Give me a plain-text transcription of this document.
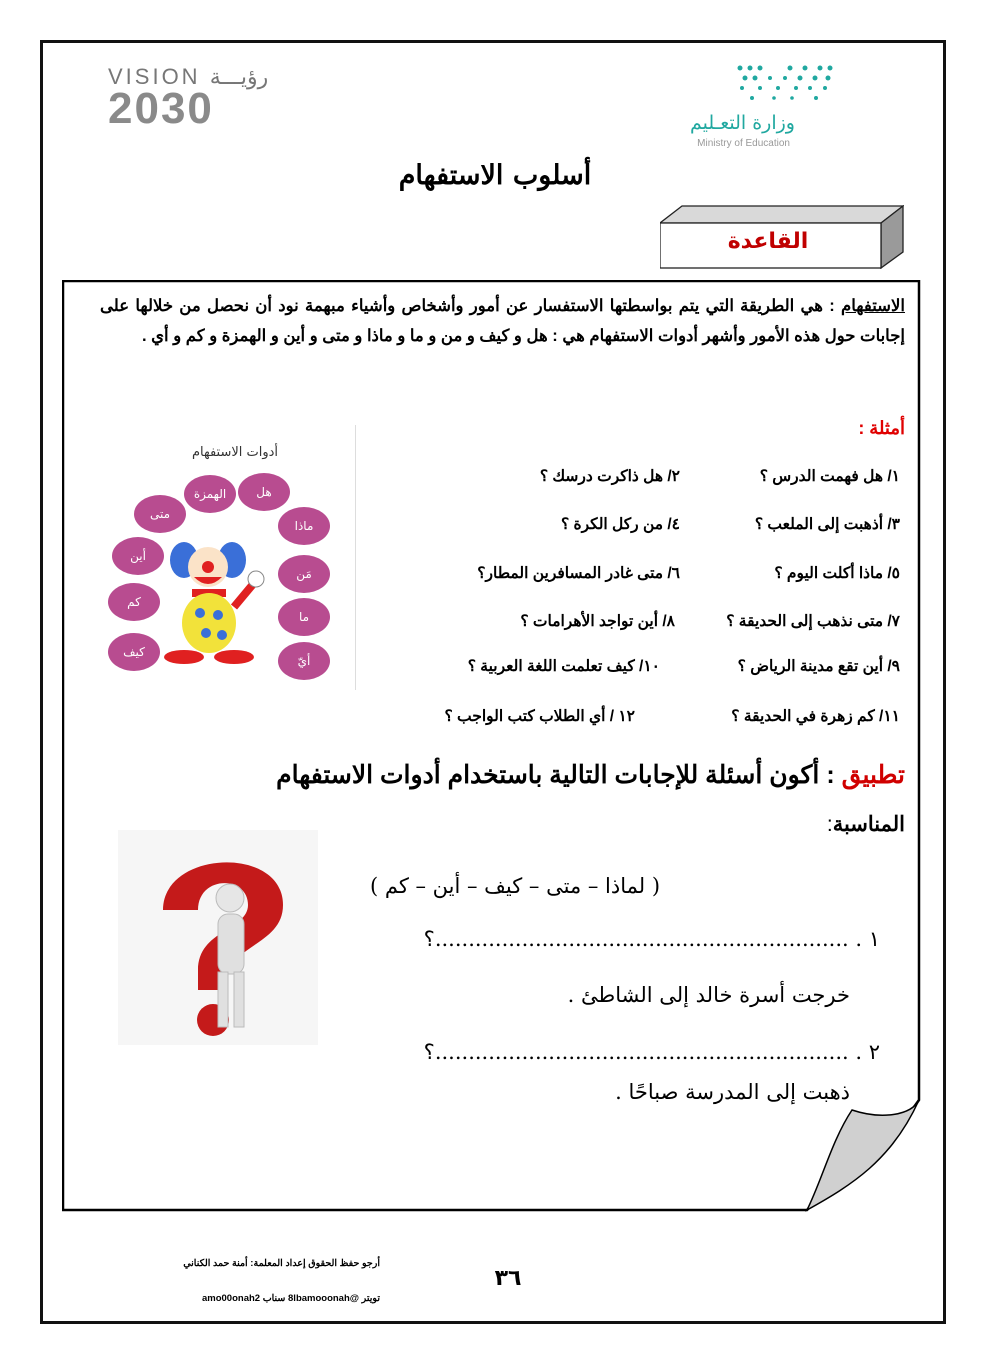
VISION رؤيـــة
2030	وزارة التعـليم
Ministry of Education
أسلوب الاستفهام
القاعدة
الاستفهام : هي الطريقة التي يتم بواسطتها الاستفسار عن أمور وأشخاص وأشياء مبهمة نود أن نحصل من خلالها على إجابات حول هذه الأمور وأشهر أدوات الاستفهام هي : هل و كيف و من و ما و ماذا و متى و أين و الهمزة و كم و أي .
أمثلة :
١/ هل فهمت الدرس ؟
٢/ هل ذاكرت درسك ؟
٣/ أذهبت إلى الملعب ؟
٤/ من ركل الكرة ؟
٥/ ماذا أكلت اليوم ؟
٦/ متى غادر المسافرين المطار؟
٧/ متى نذهب إلى الحديقة ؟
٨/ أين تواجد الأهرامات ؟
٩/ أين تقع مدينة الرياض ؟
١٠/ كيف تعلمت اللغة العربية ؟
١١/ كم زهرة في الحديقة ؟
١٢ / أي الطلاب كتب الواجب ؟
أدوات الاستفهام
هل
الهمزة
متى
أين
كم
كيف
ماذا
مَن
ما
أيّ
تطبيق : أكون أسئلة للإجابات التالية باستخدام أدوات الاستفهام
المناسبة:
( لماذا – متى – كيف – أين – كم )
١ . ..............................................................؟
خرجت أسرة خالد إلى الشاطئ .
٢ . ..............................................................؟
ذهبت إلى المدرسة صباحًا .
أرجو حفظ الحقوق إعداد المعلمة: أمنة حمد الكناني
تويتر @8lbamooonah سناب amo00onah2
٣٦
